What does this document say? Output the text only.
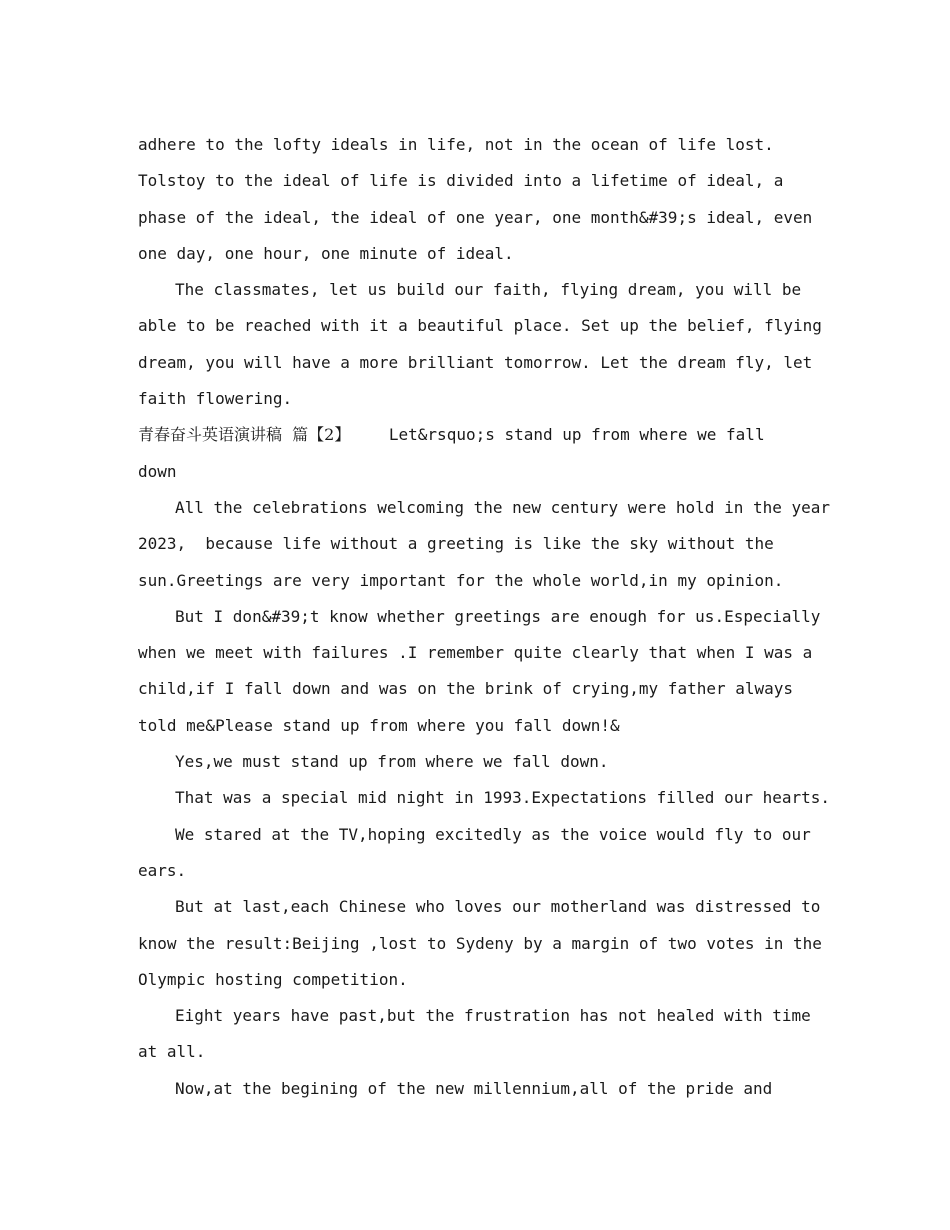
adhere to the lofty ideals in life, not in the ocean of life lost.
Tolstoy to the ideal of life is divided into a lifetime of ideal, a
phase of the ideal, the ideal of one year, one month&#39;s ideal, even
one day, one hour, one minute of ideal.

The classmates, let us build our faith, flying dream, you will be
able to be reached with it a beautiful place. Set up the belief, flying
dream, you will have a more brilliant tomorrow. Let the dream fly, let
faith flowering.

青春奋斗英语演讲稿  篇【2】    Let&rsquo;s stand up from where we fall
down

All the celebrations welcoming the new century were hold in the year
2023,  because life without a greeting is like the sky without the
sun.Greetings are very important for the whole world,in my opinion.

But I don&#39;t know whether greetings are enough for us.Especially
when we meet with failures .I remember quite clearly that when I was a
child,if I fall down and was on the brink of crying,my father always
told me&Please stand up from where you fall down!&

Yes,we must stand up from where we fall down.

That was a special mid night in 1993.Expectations filled our hearts.

We stared at the TV,hoping excitedly as the voice would fly to our
ears.

But at last,each Chinese who loves our motherland was distressed to
know the result:Beijing ,lost to Sydeny by a margin of two votes in the
Olympic hosting competition.

Eight years have past,but the frustration has not healed with time
at all.

Now,at the begining of the new millennium,all of the pride and
